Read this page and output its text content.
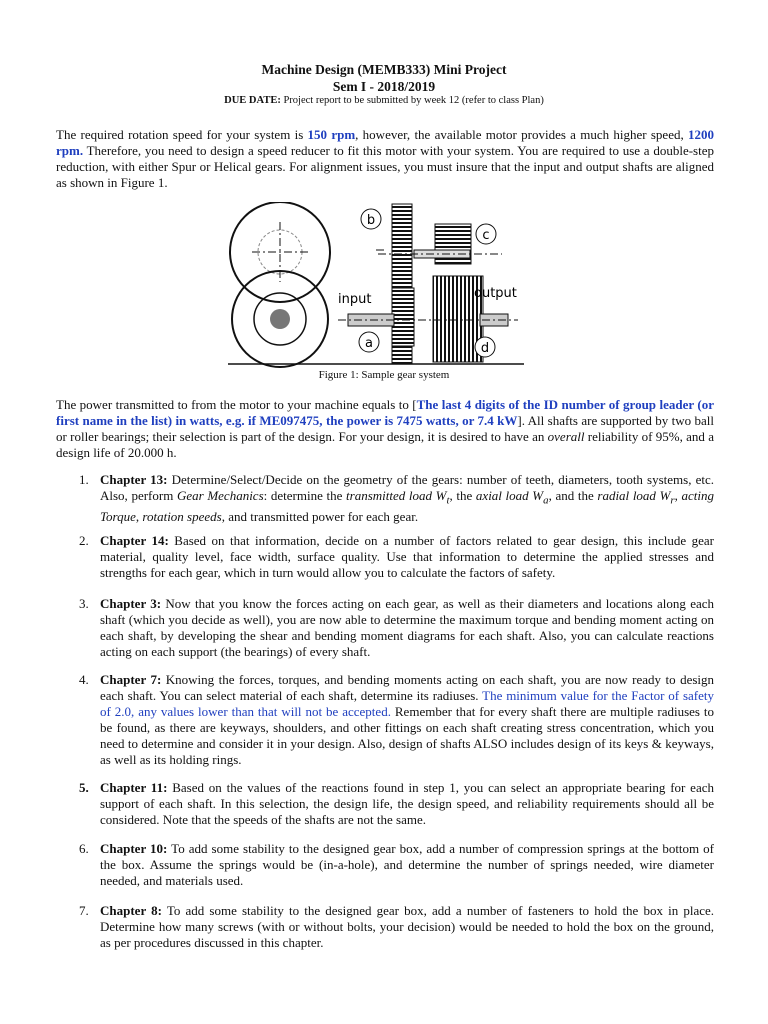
Machine Design (MEMB333) Mini Project
Sem I - 2018/2019
DUE DATE: Project report to be submitted by week 12 (refer to class Plan)
The required rotation speed for your system is 150 rpm, however, the available motor provides a much higher speed, 1200 rpm. Therefore, you need to design a speed reducer to fit this motor with your system. You are required to use a double-step reduction, with either Spur or Helical gears. For alignment issues, you must insure that the input and output shafts are aligned as shown in Figure 1.
b
c
a	d
input	output
Figure 1: Sample gear system
The power transmitted to from the motor to your machine equals to [The last 4 digits of the ID number of group leader (or first name in the list) in watts, e.g. if ME097475, the power is 7475 watts, or 7.4 kW]. All shafts are supported by two ball or roller bearings; their selection is part of the design. For your design, it is desired to have an overall reliability of 95%, and a design life of 20.000 h.
1. Chapter 13: Determine/Select/Decide on the geometry of the gears: number of teeth, diameters, tooth systems, etc. Also, perform Gear Mechanics: determine the transmitted load $W_t$, the axial load $W_a$, and the radial load $W_r$, acting Torque, rotation speeds, and transmitted power for each gear.
2. Chapter 14: Based on that information, decide on a number of factors related to gear design, this include gear material, quality level, face width, surface quality. Use that information to determine the applied stresses and strengths for each gear, which in turn would allow you to calculate the factors of safety.
3. Chapter 3: Now that you know the forces acting on each gear, as well as their diameters and locations along each shaft (which you decide as well), you are now able to determine the maximum torque and bending moment acting on each shaft, by developing the shear and bending moment diagrams for each shaft. Also, you can calculate reactions acting on each support (the bearings) of every shaft.
4. Chapter 7: Knowing the forces, torques, and bending moments acting on each shaft, you are now ready to design each shaft. You can select material of each shaft, determine its radiuses. The minimum value for the Factor of safety of 2.0, any values lower than that will not be accepted. Remember that for every shaft there are multiple radiuses to be found, as there are keyways, shoulders, and other fittings on each shaft creating stress concentration, which you need to determine and consider it in your design. Also, design of shafts ALSO includes design of its keys & keyways, as well as its holding rings.
5. Chapter 11: Based on the values of the reactions found in step 1, you can select an appropriate bearing for each support of each shaft. In this selection, the design life, the design speed, and reliability requirements should all be considered. Note that the speeds of the shafts are not the same.
6. Chapter 10: To add some stability to the designed gear box, add a number of compression springs at the bottom of the box. Assume the springs would be (in-a-hole), and determine the number of springs needed, wire diameter needed, and materials used.
7. Chapter 8: To add some stability to the designed gear box, add a number of fasteners to hold the box in place. Determine how many screws (with or without bolts, your decision) would be needed to hold the box on the ground, as per procedures discussed in this chapter.
